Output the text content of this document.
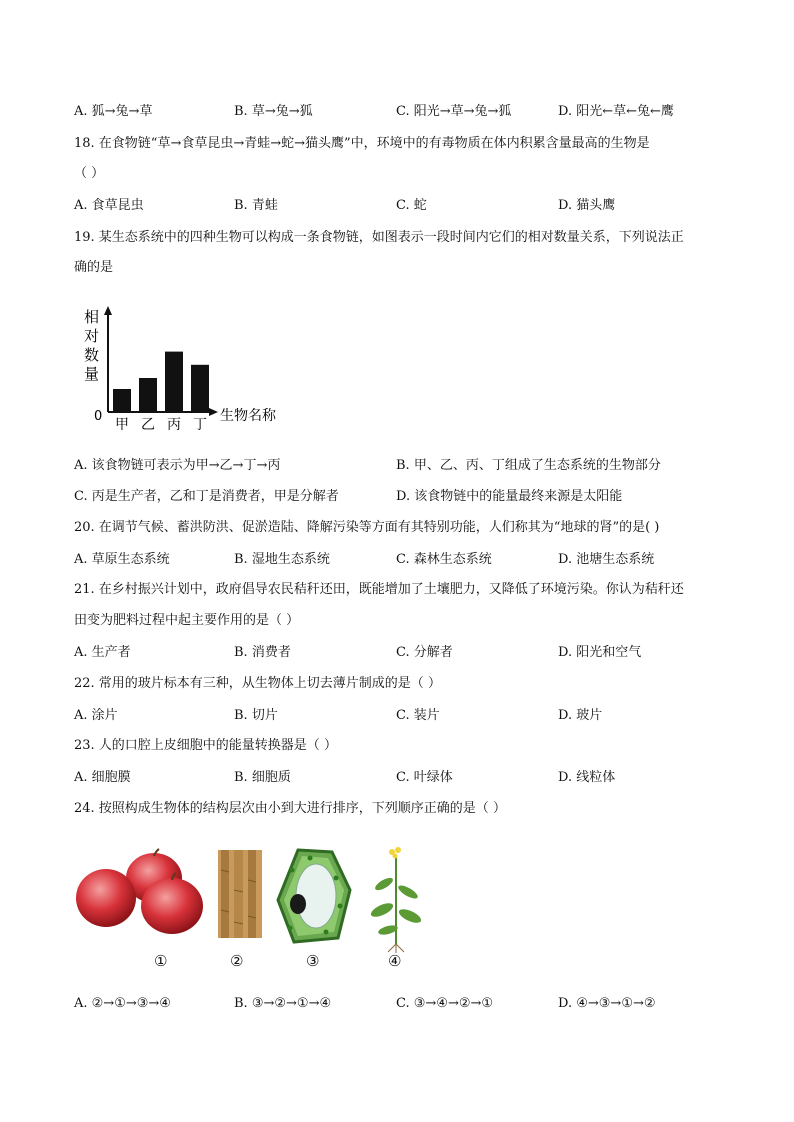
A. 狐→兔→草	B. 草→兔→狐	C. 阳光→草→兔→狐	D. 阳光←草←兔←鹰
18. 在食物链“草→食草昆虫→青蛙→蛇→猫头鹰”中，环境中的有毒物质在体内积累含量最高的生物是
（ ）
A. 食草昆虫	B. 青蛙	C. 蛇	D. 猫头鹰
19. 某生态系统中的四种生物可以构成一条食物链，如图表示一段时间内它们的相对数量关系，下列说法正
确的是
相
对
数
量
甲 乙 丙 丁
0	生物名称
A. 该食物链可表示为甲→乙→丁→丙	B. 甲、乙、丙、丁组成了生态系统的生物部分
C. 丙是生产者，乙和丁是消费者，甲是分解者	D. 该食物链中的能量最终来源是太阳能
20. 在调节气候、蓄洪防洪、促淤造陆、降解污染等方面有其特别功能，人们称其为“地球的肾”的是( )
A. 草原生态系统	B. 湿地生态系统	C. 森林生态系统	D. 池塘生态系统
21. 在乡村振兴计划中，政府倡导农民秸秆还田，既能增加了土壤肥力，又降低了环境污染。你认为秸秆还
田变为肥料过程中起主要作用的是（ ）
A. 生产者	B. 消费者	C. 分解者	D. 阳光和空气
22. 常用的玻片标本有三种，从生物体上切去薄片制成的是（ ）
A. 涂片	B. 切片	C. 装片	D. 玻片
23. 人的口腔上皮细胞中的能量转换器是（ ）
A. 细胞膜	B. 细胞质	C. 叶绿体	D. 线粒体
24. 按照构成生物体的结构层次由小到大进行排序，下列顺序正确的是（ ）
①	②	③	④
A. ②→①→③→④	B. ③→②→①→④	C. ③→④→②→①	D. ④→③→①→②
